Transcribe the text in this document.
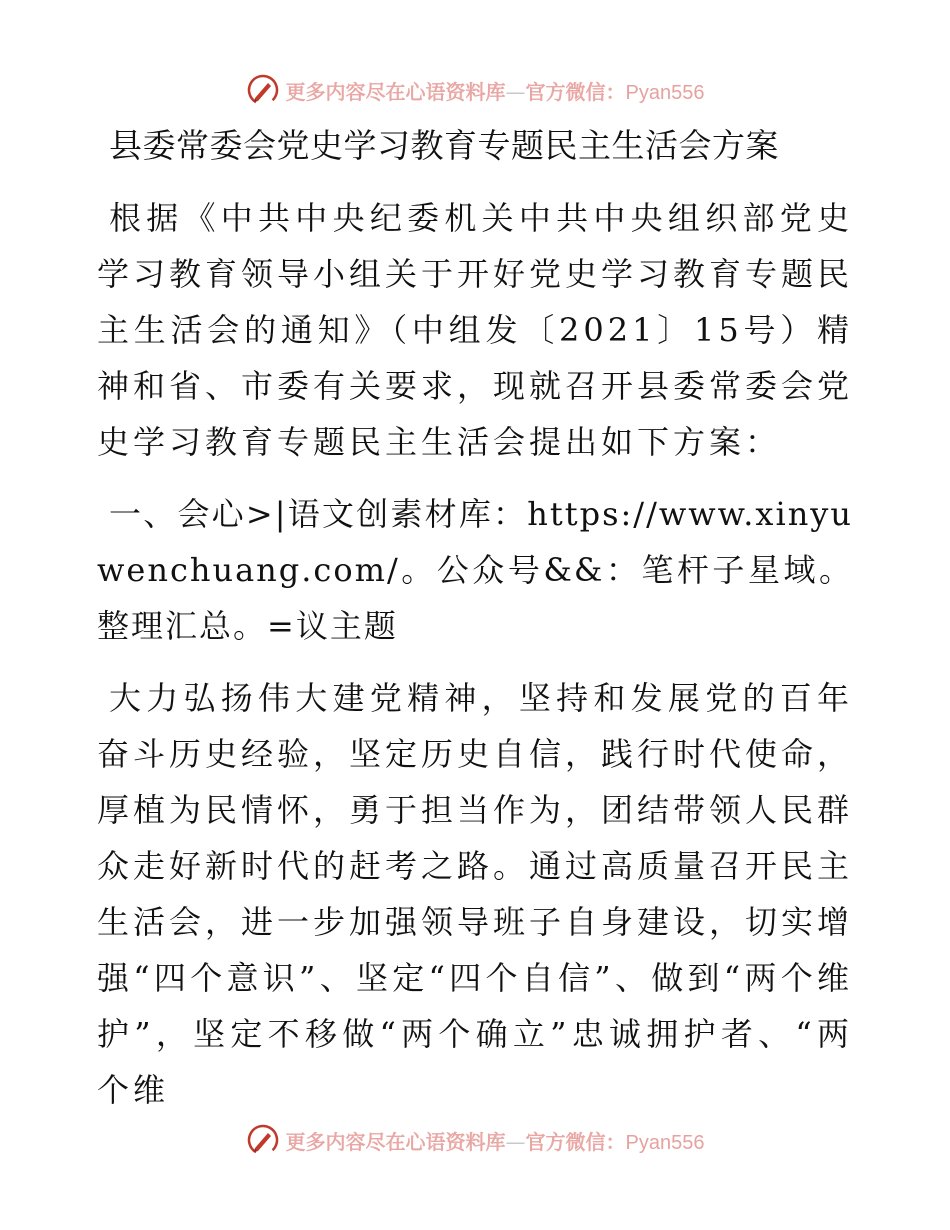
更多内容尽在心语资料库—官方微信：Pyan556
县委常委会党史学习教育专题民主生活会方案

根据《中共中央纪委机关中共中央组织部党史学习教育领导小组关于开好党史学习教育专题民主生活会的通知》（中组发〔2021〕15号）精神和省、市委有关要求，现就召开县委常委会党史学习教育专题民主生活会提出如下方案：

一、会心>|语文创素材库：https://www.xinyuwenchuang.com/。公众号&&：笔杆子星域。整理汇总。=议主题

大力弘扬伟大建党精神，坚持和发展党的百年奋斗历史经验，坚定历史自信，践行时代使命，厚植为民情怀，勇于担当作为，团结带领人民群众走好新时代的赶考之路。通过高质量召开民主生活会，进一步加强领导班子自身建设，切实增强“四个意识”、坚定“四个自信”、做到“两个维护”，坚定不移做“两个确立”忠诚拥护者、“两个维

更多内容尽在心语资料库—官方微信：Pyan556
